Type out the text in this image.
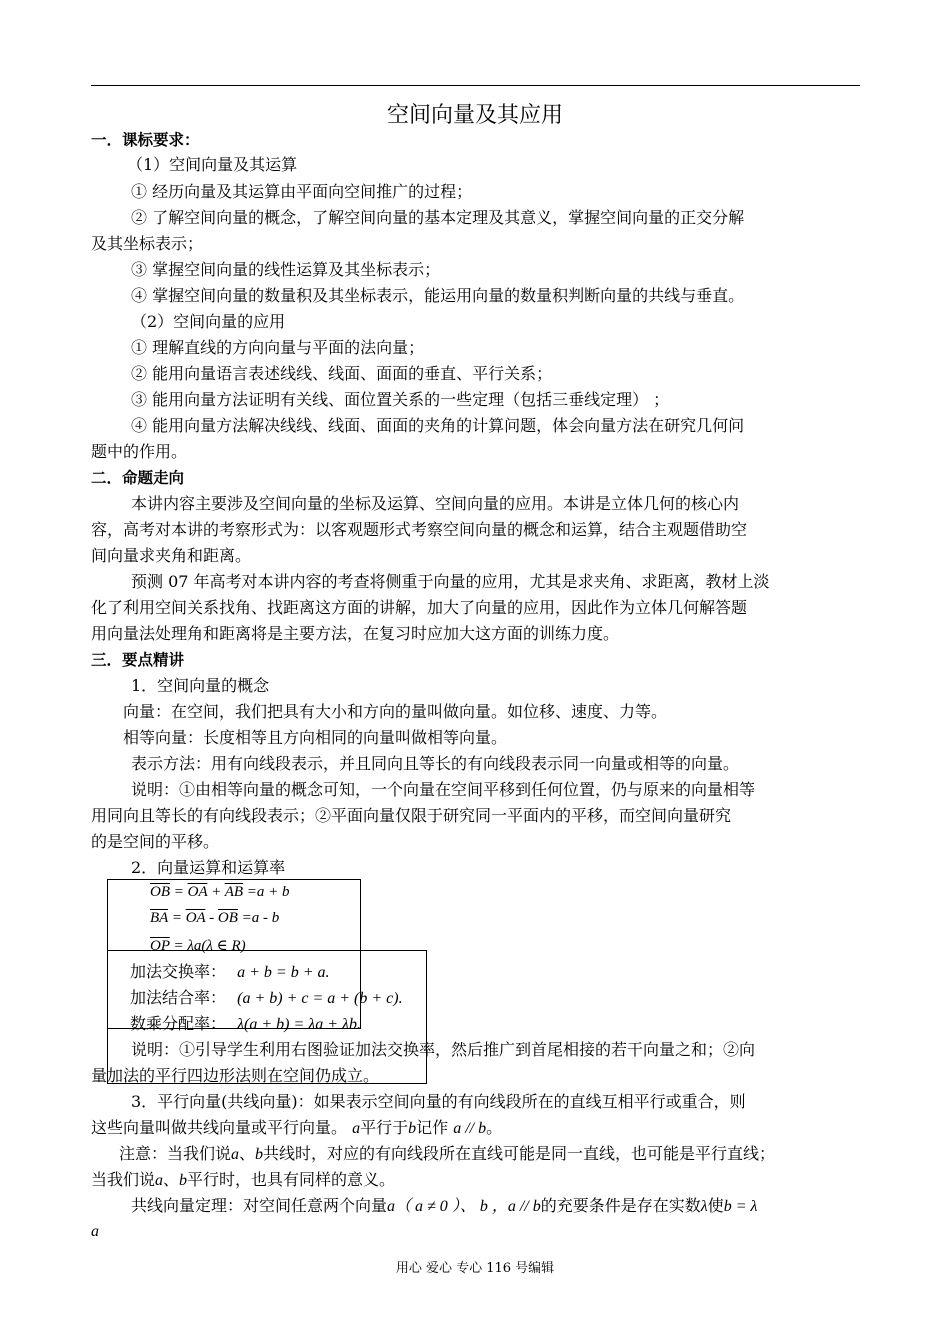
空间向量及其应用
一．课标要求：
（1）空间向量及其运算
① 经历向量及其运算由平面向空间推广的过程；
② 了解空间向量的概念，了解空间向量的基本定理及其意义，掌握空间向量的正交分解
及其坐标表示；
③ 掌握空间向量的线性运算及其坐标表示；
④ 掌握空间向量的数量积及其坐标表示，能运用向量的数量积判断向量的共线与垂直。
（2）空间向量的应用
① 理解直线的方向向量与平面的法向量；
② 能用向量语言表述线线、线面、面面的垂直、平行关系；
③ 能用向量方法证明有关线、面位置关系的一些定理（包括三垂线定理） ；
④ 能用向量方法解决线线、线面、面面的夹角的计算问题，体会向量方法在研究几何问
题中的作用。
二．命题走向
本讲内容主要涉及空间向量的坐标及运算、空间向量的应用。本讲是立体几何的核心内
容，高考对本讲的考察形式为：以客观题形式考察空间向量的概念和运算，结合主观题借助空
间向量求夹角和距离。
预测 07 年高考对本讲内容的考查将侧重于向量的应用，尤其是求夹角、求距离，教材上淡
化了利用空间关系找角、找距离这方面的讲解，加大了向量的应用，因此作为立体几何解答题
用向量法处理角和距离将是主要方法，在复习时应加大这方面的训练力度。
三．要点精讲
1．空间向量的概念
向量：在空间，我们把具有大小和方向的量叫做向量。如位移、速度、力等。
相等向量：长度相等且方向相同的向量叫做相等向量。
表示方法：用有向线段表示，并且同向且等长的有向线段表示同一向量或相等的向量。
说明：①由相等向量的概念可知，一个向量在空间平移到任何位置，仍与原来的向量相等
用同向且等长的有向线段表示；②平面向量仅限于研究同一平面内的平移，而空间向量研究
的是空间的平移。
2．向量运算和运算率
$\overline{OB} = \overline{OA} + \overline{AB} =a + b$
$\overline{BA} = \overline{OA} - \overline{OB} =a - b$
$\overline{OP} = \lambda a(\lambda$ ∈ R)
加法交换率： a + b = b + a.
加法结合率： (a + b) + c = a + (b + c).
数乘分配率： λ(a + b) = λa + λb.
说明：①引导学生利用右图验证加法交换率，然后推广到首尾相接的若干向量之和；②向
量加法的平行四边形法则在空间仍成立。
3．平行向量(共线向量)：如果表示空间向量的有向线段所在的直线互相平行或重合，则
这些向量叫做共线向量或平行向量。 a平行于b记作 a // b。
注意：当我们说a、b共线时，对应的有向线段所在直线可能是同一直线，也可能是平行直线；
当我们说a、b平行时，也具有同样的意义。
共线向量定理：对空间任意两个向量a（ a ≠ 0 ）、 b ，a // b的充要条件是存在实数λ使b = λ
a
用心 爱心 专心 116 号编辑
